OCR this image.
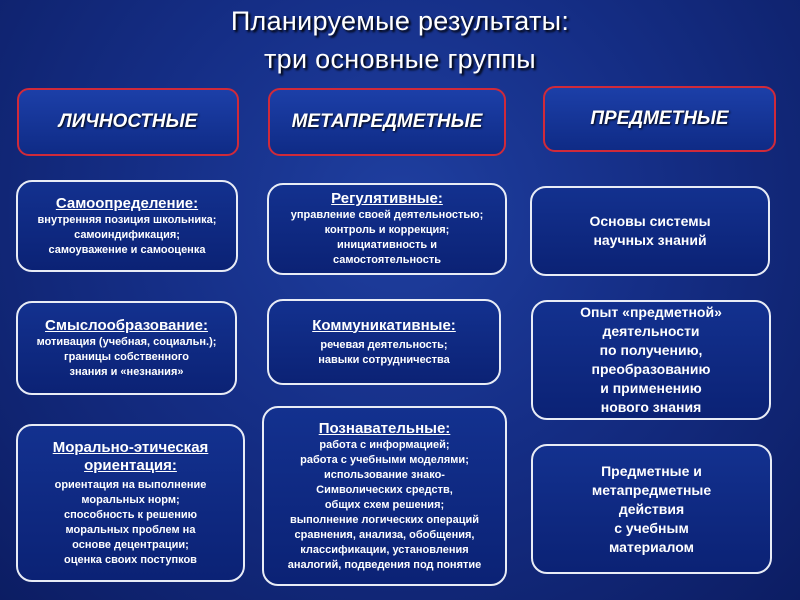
Планируемые результаты:
три основные группы
ЛИЧНОСТНЫЕ	МЕТАПРЕДМЕТНЫЕ	ПРЕДМЕТНЫЕ
Самоопределение:
внутренняя позиция школьника;
самоиндификация;
самоуважение и самооценка
Смыслообразование:
мотивация (учебная, социальн.);
границы собственного
знания и «незнания»
Морально-этическая
ориентация:
ориентация на выполнение
моральных норм;
способность к решению
моральных проблем на
основе децентрации;
оценка своих поступков
Регулятивные:
управление своей деятельностью;
контроль и коррекция;
инициативность и
самостоятельность
Коммуникативные:
речевая деятельность;
навыки сотрудничества
Познавательные:
работа с информацией;
работа с учебными моделями;
использование знако-
Символических средств,
общих схем решения;
выполнение логических операций
сравнения, анализа, обобщения,
классификации, установления
аналогий, подведения под понятие
Основы системы
научных знаний
Опыт «предметной»
деятельности
по получению,
преобразованию
и применению
нового знания
Предметные и
метапредметные
действия
с учебным
материалом
